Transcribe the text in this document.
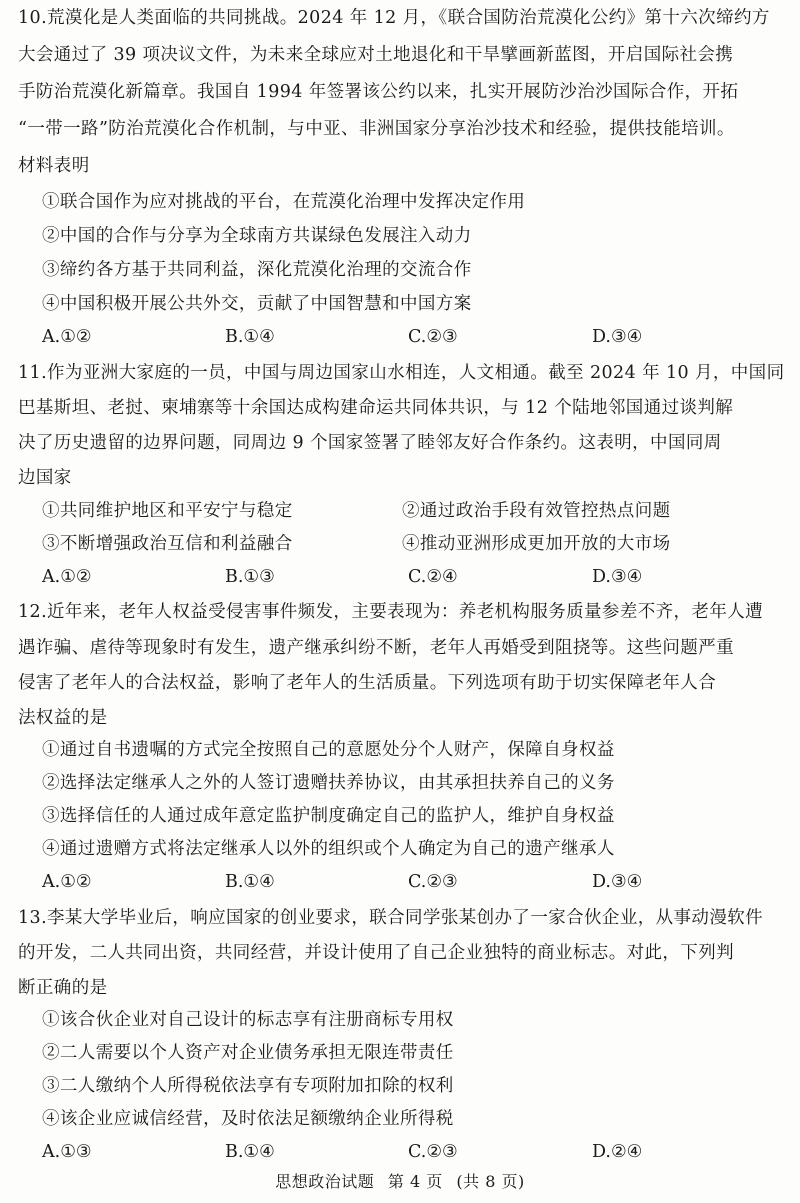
10.荒漠化是人类面临的共同挑战。2024 年 12 月，《联合国防治荒漠化公约》第十六次缔约方
大会通过了 39 项决议文件，为未来全球应对土地退化和干旱擘画新蓝图，开启国际社会携
手防治荒漠化新篇章。我国自 1994 年签署该公约以来，扎实开展防沙治沙国际合作，开拓
“一带一路”防治荒漠化合作机制，与中亚、非洲国家分享治沙技术和经验，提供技能培训。
材料表明
①联合国作为应对挑战的平台，在荒漠化治理中发挥决定作用
②中国的合作与分享为全球南方共谋绿色发展注入动力
③缔约各方基于共同利益，深化荒漠化治理的交流合作
④中国积极开展公共外交，贡献了中国智慧和中国方案
A.①②	B.①④	C.②③	D.③④
11.作为亚洲大家庭的一员，中国与周边国家山水相连，人文相通。截至 2024 年 10 月，中国同
巴基斯坦、老挝、柬埔寨等十余国达成构建命运共同体共识，与 12 个陆地邻国通过谈判解
决了历史遗留的边界问题，同周边 9 个国家签署了睦邻友好合作条约。这表明，中国同周
边国家
①共同维护地区和平安宁与稳定	②通过政治手段有效管控热点问题
③不断增强政治互信和利益融合	④推动亚洲形成更加开放的大市场
A.①②	B.①③	C.②④	D.③④
12.近年来，老年人权益受侵害事件频发，主要表现为：养老机构服务质量参差不齐，老年人遭
遇诈骗、虐待等现象时有发生，遗产继承纠纷不断，老年人再婚受到阻挠等。这些问题严重
侵害了老年人的合法权益，影响了老年人的生活质量。下列选项有助于切实保障老年人合
法权益的是
①通过自书遗嘱的方式完全按照自己的意愿处分个人财产，保障自身权益
②选择法定继承人之外的人签订遗赠扶养协议，由其承担扶养自己的义务
③选择信任的人通过成年意定监护制度确定自己的监护人，维护自身权益
④通过遗赠方式将法定继承人以外的组织或个人确定为自己的遗产继承人
A.①②	B.①④	C.②③	D.③④
13.李某大学毕业后，响应国家的创业要求，联合同学张某创办了一家合伙企业，从事动漫软件
的开发，二人共同出资，共同经营，并设计使用了自己企业独特的商业标志。对此，下列判
断正确的是
①该合伙企业对自己设计的标志享有注册商标专用权
②二人需要以个人资产对企业债务承担无限连带责任
③二人缴纳个人所得税依法享有专项附加扣除的权利
④该企业应诚信经营，及时依法足额缴纳企业所得税
A.①③	B.①④	C.②③	D.②④
思想政治试题 第 4 页 (共 8 页)
